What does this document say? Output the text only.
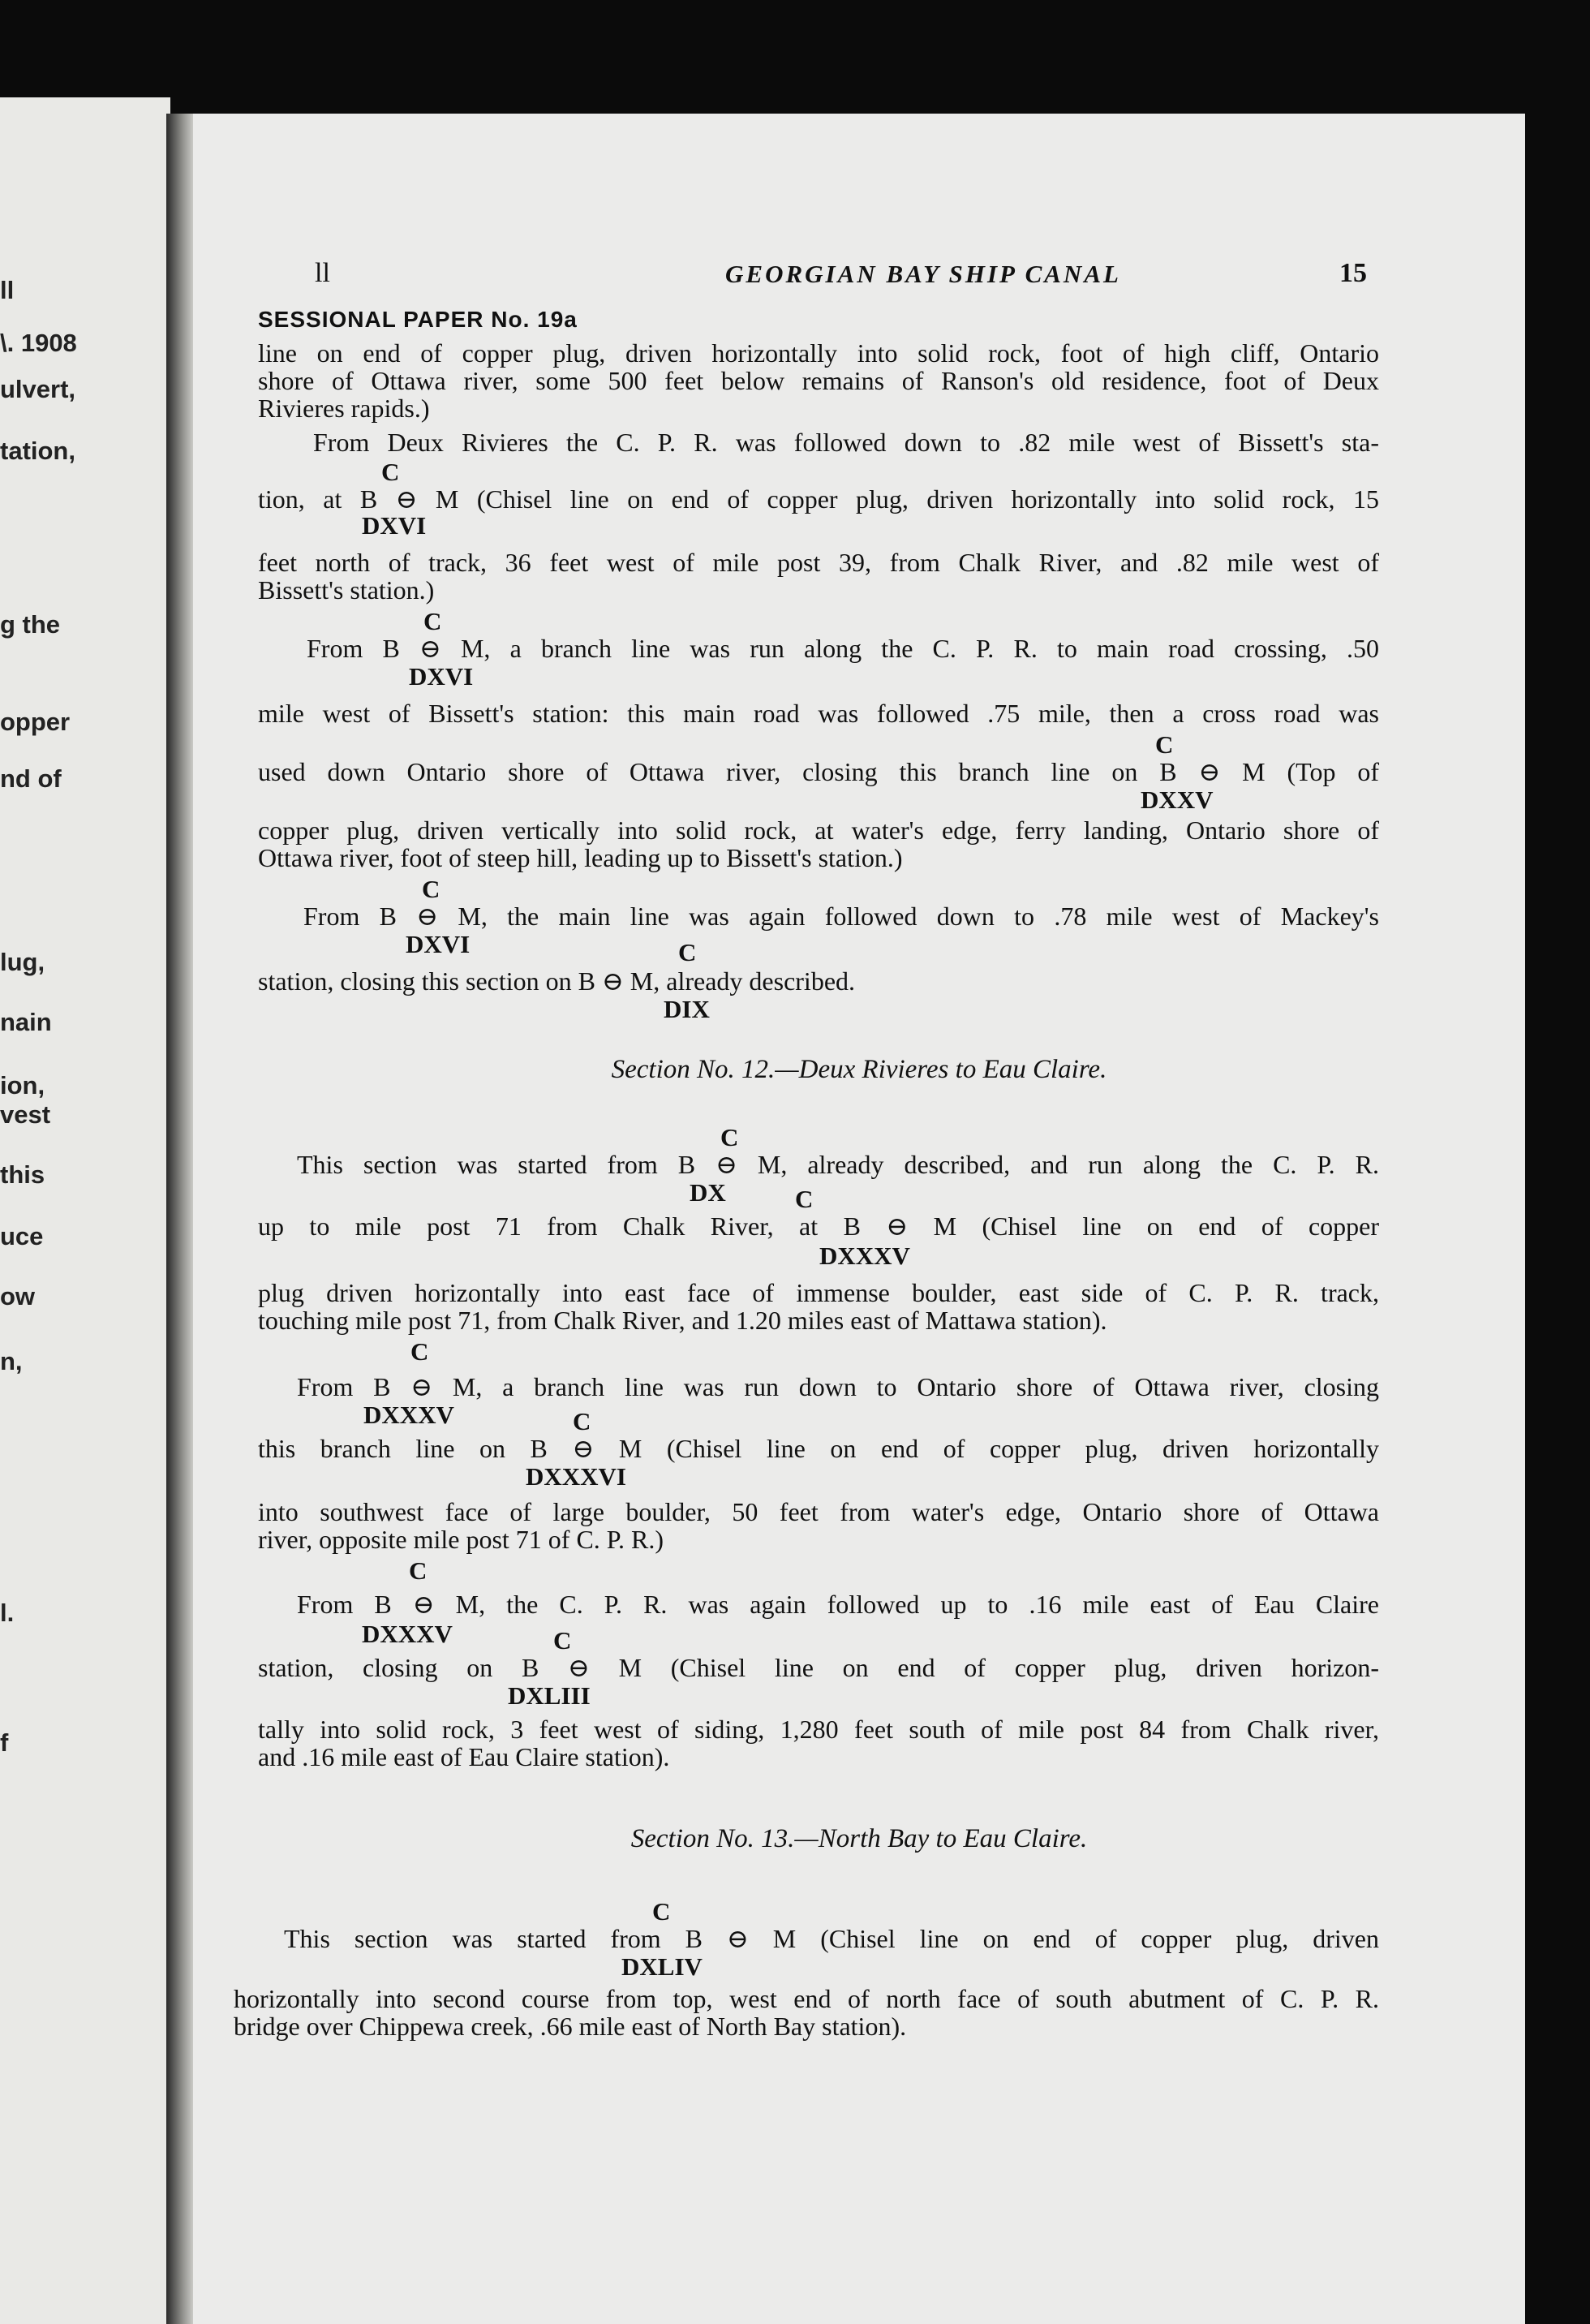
ll
\. 1908
ulvert,
tation,
g the
opper
nd of
lug,
nain
ion,
vest
this
uce
ow
n,
l.
f
ll	GEORGIAN BAY SHIP CANAL	15
SESSIONAL PAPER No. 19a
line on end of copper plug, driven horizontally into solid rock, foot of high cliff, Ontario
shore of Ottawa river, some 500 feet below remains of Ranson's old residence, foot of Deux
Rivieres rapids.)
From Deux Rivieres the C. P. R. was followed down to .82 mile west of Bissett's sta-
C
tion, at B ⊖ M (Chisel line on end of copper plug, driven horizontally into solid rock, 15
DXVI
feet north of track, 36 feet west of mile post 39, from Chalk River, and .82 mile west of
Bissett's station.)
C
From B ⊖ M, a branch line was run along the C. P. R. to main road crossing, .50
DXVI
mile west of Bissett's station: this main road was followed .75 mile, then a cross road was
C
used down Ontario shore of Ottawa river, closing this branch line on B ⊖ M (Top of
DXXV
copper plug, driven vertically into solid rock, at water's edge, ferry landing, Ontario shore of
Ottawa river, foot of steep hill, leading up to Bissett's station.)
C
From B ⊖ M, the main line was again followed down to .78 mile west of Mackey's
DXVI	C
station, closing this section on B ⊖ M, already described.
DIX
Section No. 12.—Deux Rivieres to Eau Claire.
C
This section was started from B ⊖ M, already described, and run along the C. P. R.
DX	C
up to mile post 71 from Chalk River, at B ⊖ M (Chisel line on end of copper
DXXXV
plug driven horizontally into east face of immense boulder, east side of C. P. R. track,
touching mile post 71, from Chalk River, and 1.20 miles east of Mattawa station).
C
From B ⊖ M, a branch line was run down to Ontario shore of Ottawa river, closing
DXXXV	C
this branch line on B ⊖ M (Chisel line on end of copper plug, driven horizontally
DXXXVI
into southwest face of large boulder, 50 feet from water's edge, Ontario shore of Ottawa
river, opposite mile post 71 of C. P. R.)
C
From B ⊖ M, the C. P. R. was again followed up to .16 mile east of Eau Claire
DXXXV	C
station, closing on B ⊖ M (Chisel line on end of copper plug, driven horizon-
DXLIII
tally into solid rock, 3 feet west of siding, 1,280 feet south of mile post 84 from Chalk river,
and .16 mile east of Eau Claire station).
Section No. 13.—North Bay to Eau Claire.
C
This section was started from B ⊖ M (Chisel line on end of copper plug, driven
DXLIV
horizontally into second course from top, west end of north face of south abutment of C. P. R.
bridge over Chippewa creek, .66 mile east of North Bay station).
